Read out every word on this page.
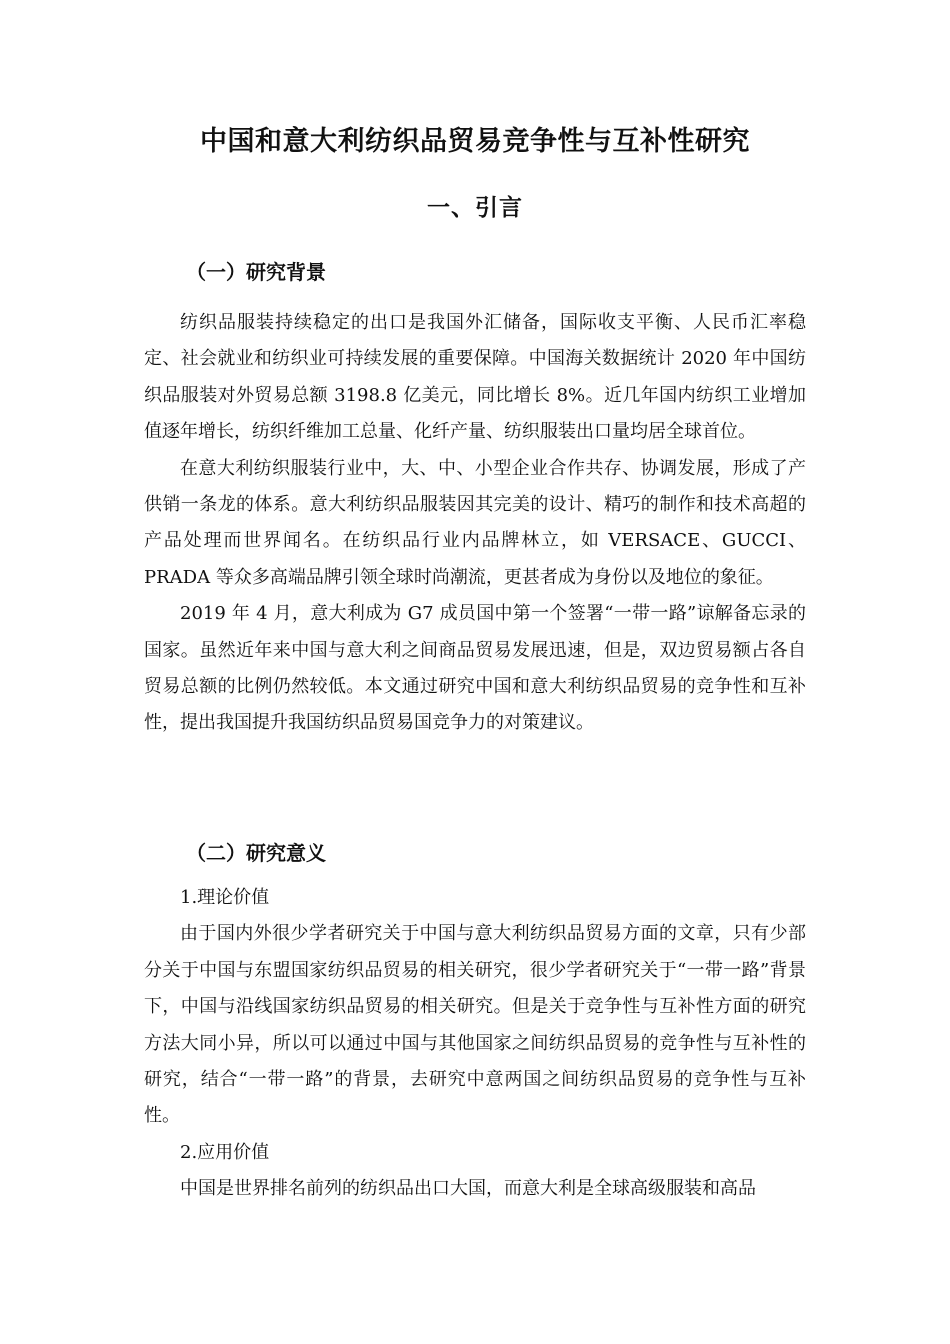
中国和意大利纺织品贸易竞争性与互补性研究
一、引言
（一）研究背景

纺织品服装持续稳定的出口是我国外汇储备，国际收支平衡、人民币汇率稳定、社会就业和纺织业可持续发展的重要保障。中国海关数据统计 2020 年中国纺织品服装对外贸易总额 3198.8 亿美元，同比增长 8%。近几年国内纺织工业增加值逐年增长，纺织纤维加工总量、化纤产量、纺织服装出口量均居全球首位。

在意大利纺织服装行业中，大、中、小型企业合作共存、协调发展，形成了产供销一条龙的体系。意大利纺织品服装因其完美的设计、精巧的制作和技术高超的产品处理而世界闻名。在纺织品行业内品牌林立，如 VERSACE、GUCCI、PRADA 等众多高端品牌引领全球时尚潮流，更甚者成为身份以及地位的象征。

2019 年 4 月，意大利成为 G7 成员国中第一个签署“一带一路”谅解备忘录的国家。虽然近年来中国与意大利之间商品贸易发展迅速，但是，双边贸易额占各自贸易总额的比例仍然较低。本文通过研究中国和意大利纺织品贸易的竞争性和互补性，提出我国提升我国纺织品贸易国竞争力的对策建议。

（二）研究意义

1.理论价值

由于国内外很少学者研究关于中国与意大利纺织品贸易方面的文章，只有少部分关于中国与东盟国家纺织品贸易的相关研究，很少学者研究关于“一带一路”背景下，中国与沿线国家纺织品贸易的相关研究。但是关于竞争性与互补性方面的研究方法大同小异，所以可以通过中国与其他国家之间纺织品贸易的竞争性与互补性的研究，结合“一带一路”的背景，去研究中意两国之间纺织品贸易的竞争性与互补性。

2.应用价值

中国是世界排名前列的纺织品出口大国，而意大利是全球高级服装和高品
